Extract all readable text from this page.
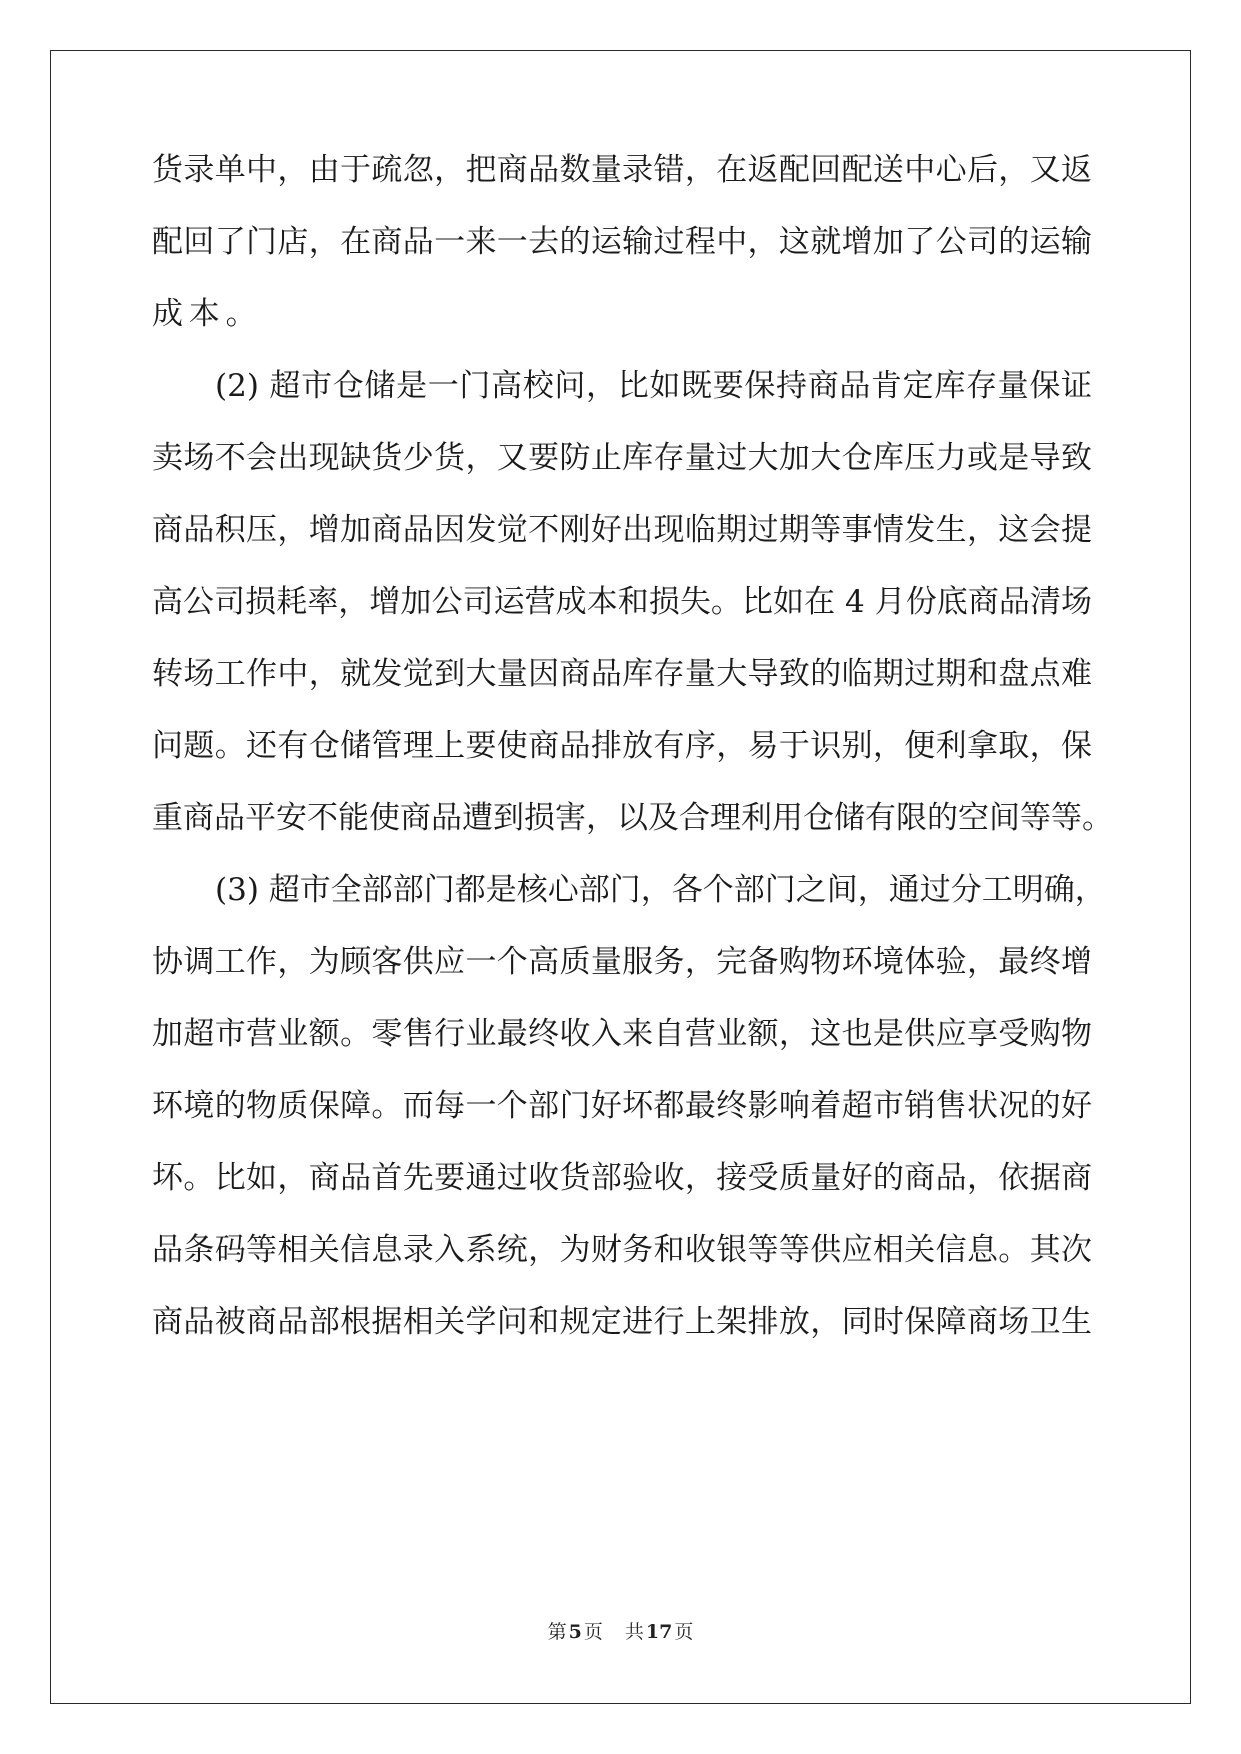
货录单中，由于疏忽，把商品数量录错，在返配回配送中心后，又返
配回了门店，在商品一来一去的运输过程中，这就增加了公司的运输
成本。
(2) 超市仓储是一门高校问，比如既要保持商品肯定库存量保证
卖场不会出现缺货少货，又要防止库存量过大加大仓库压力或是导致
商品积压，增加商品因发觉不刚好出现临期过期等事情发生，这会提
高公司损耗率，增加公司运营成本和损失。比如在 4 月份底商品清场
转场工作中，就发觉到大量因商品库存量大导致的临期过期和盘点难
问题。还有仓储管理上要使商品排放有序，易于识别，便利拿取，保
重商品平安不能使商品遭到损害，以及合理利用仓储有限的空间等等。
(3) 超市全部部门都是核心部门，各个部门之间，通过分工明确，
协调工作，为顾客供应一个高质量服务，完备购物环境体验，最终增
加超市营业额。零售行业最终收入来自营业额，这也是供应享受购物
环境的物质保障。而每一个部门好坏都最终影响着超市销售状况的好
坏。比如，商品首先要通过收货部验收，接受质量好的商品，依据商
品条码等相关信息录入系统，为财务和收银等等供应相关信息。其次
商品被商品部根据相关学问和规定进行上架排放，同时保障商场卫生
第 5 页 共 17 页
